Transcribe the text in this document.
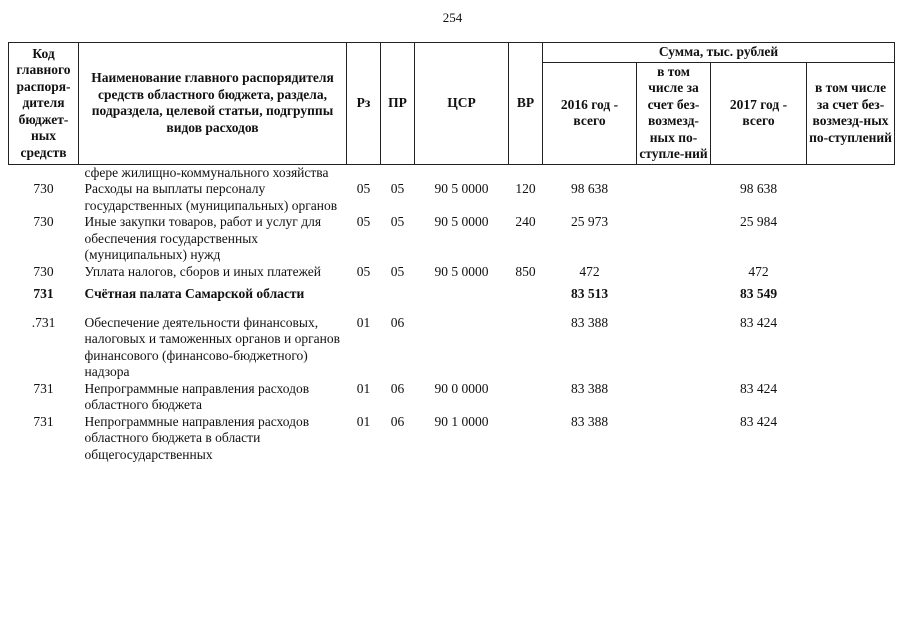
254
Код главного распоря-дителя бюджет-ных средств	Наименование главного распорядителя средств областного бюджета, раздела, подраздела, целевой статьи, подгруппы видов расходов	Рз	ПР	ЦСР	ВР	Сумма, тыс. рублей			
						2016 год - всего	в том числе за счет без-возмезд-ных по-ступле-ний	2017 год - всего	в том числе за счет без-возмезд-ных по-ступлений
	сфере жилищно-коммунального хозяйства								
730	Расходы на выплаты персоналу государственных (муниципальных) органов	05	05	90 5 0000	120	98 638		98 638	
730	Иные закупки товаров, работ и услуг для обеспечения государственных (муниципальных) нужд	05	05	90 5 0000	240	25 973		25 984	
730	Уплата налогов, сборов и иных платежей	05	05	90 5 0000	850	472		472	
731	Счётная палата Самарской области					83 513		83 549	
.731	Обеспечение деятельности финансовых, налоговых и таможенных органов и органов финансового (финансово-бюджетного) надзора	01	06			83 388		83 424	
731	Непрограммные направления расходов областного бюджета	01	06	90 0 0000		83 388		83 424	
731	Непрограммные направления расходов областного бюджета в области общегосударственных	01	06	90 1 0000		83 388		83 424	
